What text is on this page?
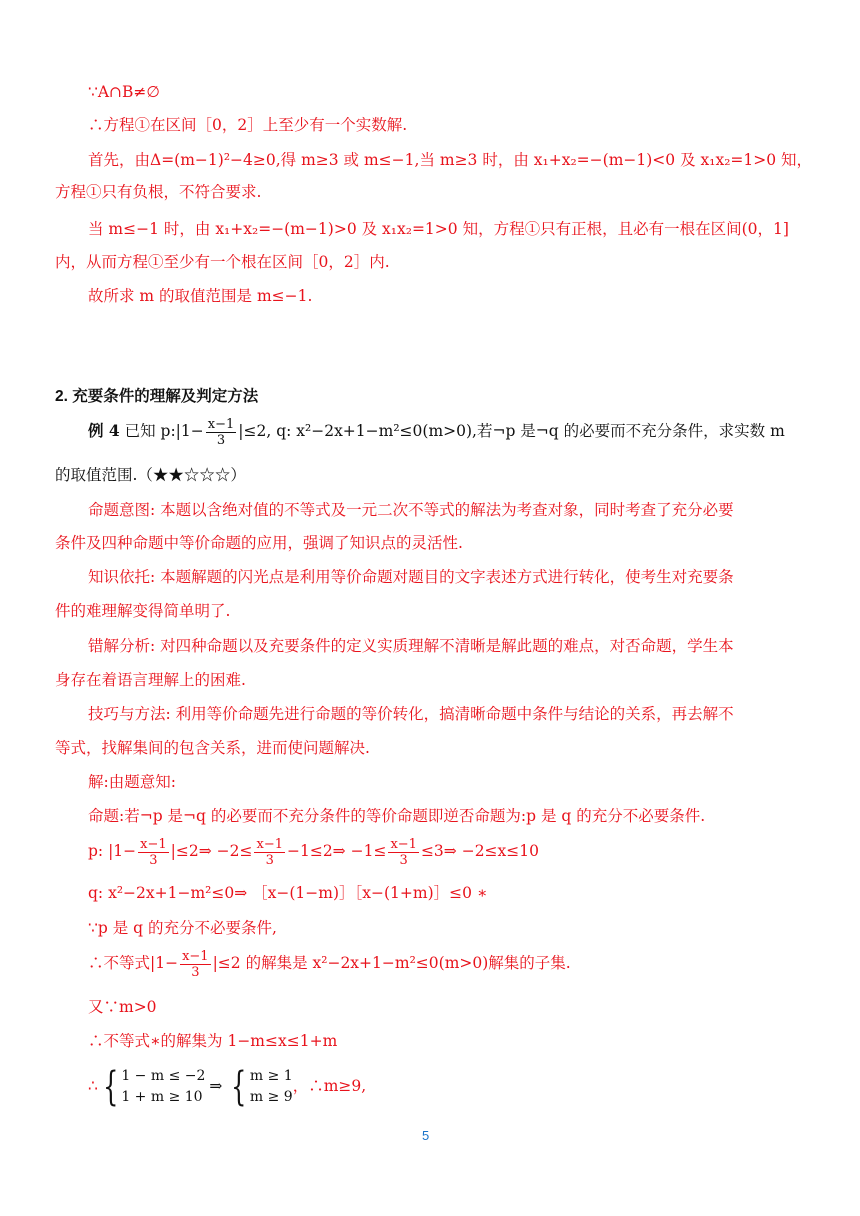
∵A∩B≠∅
∴方程①在区间［0，2］上至少有一个实数解.
首先，由Δ=(m−1)²−4≥0,得 m≥3 或 m≤−1,当 m≥3 时，由 x₁+x₂=−(m−1)<0 及 x₁x₂=1>0 知，
方程①只有负根，不符合要求.
当 m≤−1 时，由 x₁+x₂=−(m−1)>0 及 x₁x₂=1>0 知，方程①只有正根，且必有一根在区间(0，1]
内，从而方程①至少有一个根在区间［0，2］内.
故所求 m 的取值范围是 m≤−1.
2. 充要条件的理解及判定方法
例 4 已知 p:|1− $\frac{x-1}{3} |\le 2$, q: x²−2x+1−m²≤0(m>0),若¬p 是¬q 的必要而不充分条件，求实数 m
的取值范围.（★★☆☆☆）
命题意图: 本题以含绝对值的不等式及一元二次不等式的解法为考查对象，同时考查了充分必要
条件及四种命题中等价命题的应用，强调了知识点的灵活性.
知识依托: 本题解题的闪光点是利用等价命题对题目的文字表述方式进行转化，使考生对充要条
件的难理解变得简单明了.
错解分析: 对四种命题以及充要条件的定义实质理解不清晰是解此题的难点，对否命题，学生本
身存在着语言理解上的困难.
技巧与方法: 利用等价命题先进行命题的等价转化，搞清晰命题中条件与结论的关系，再去解不
等式，找解集间的包含关系，进而使问题解决.
解:由题意知:
命题:若¬p 是¬q 的必要而不充分条件的等价命题即逆否命题为:p 是 q 的充分不必要条件.
p: $|1- \frac{x-1}{3}$ |≤2⇒ $-2\le \frac{x-1}{3}$ −1≤2⇒ $-1\le \frac{x-1}{3}$ ≤3⇒ −2≤x≤10
q: x²−2x+1−m²≤0⇒ ［x−(1−m)］［x−(1+m)］≤0 ∗
∵p 是 q 的充分不必要条件,
∴不等式$|1- \frac{x-1}{3} |\le 2$ 的解集是 x²−2x+1−m²≤0(m>0)解集的子集.
又∵m>0
∴不等式∗的解集为 1−m≤x≤1+m
∴ { 1 − m ≤ −2
1 + m ≥ 10
⇒ { m ≥ 1
m ≥ 9
，∴m≥9,
5
